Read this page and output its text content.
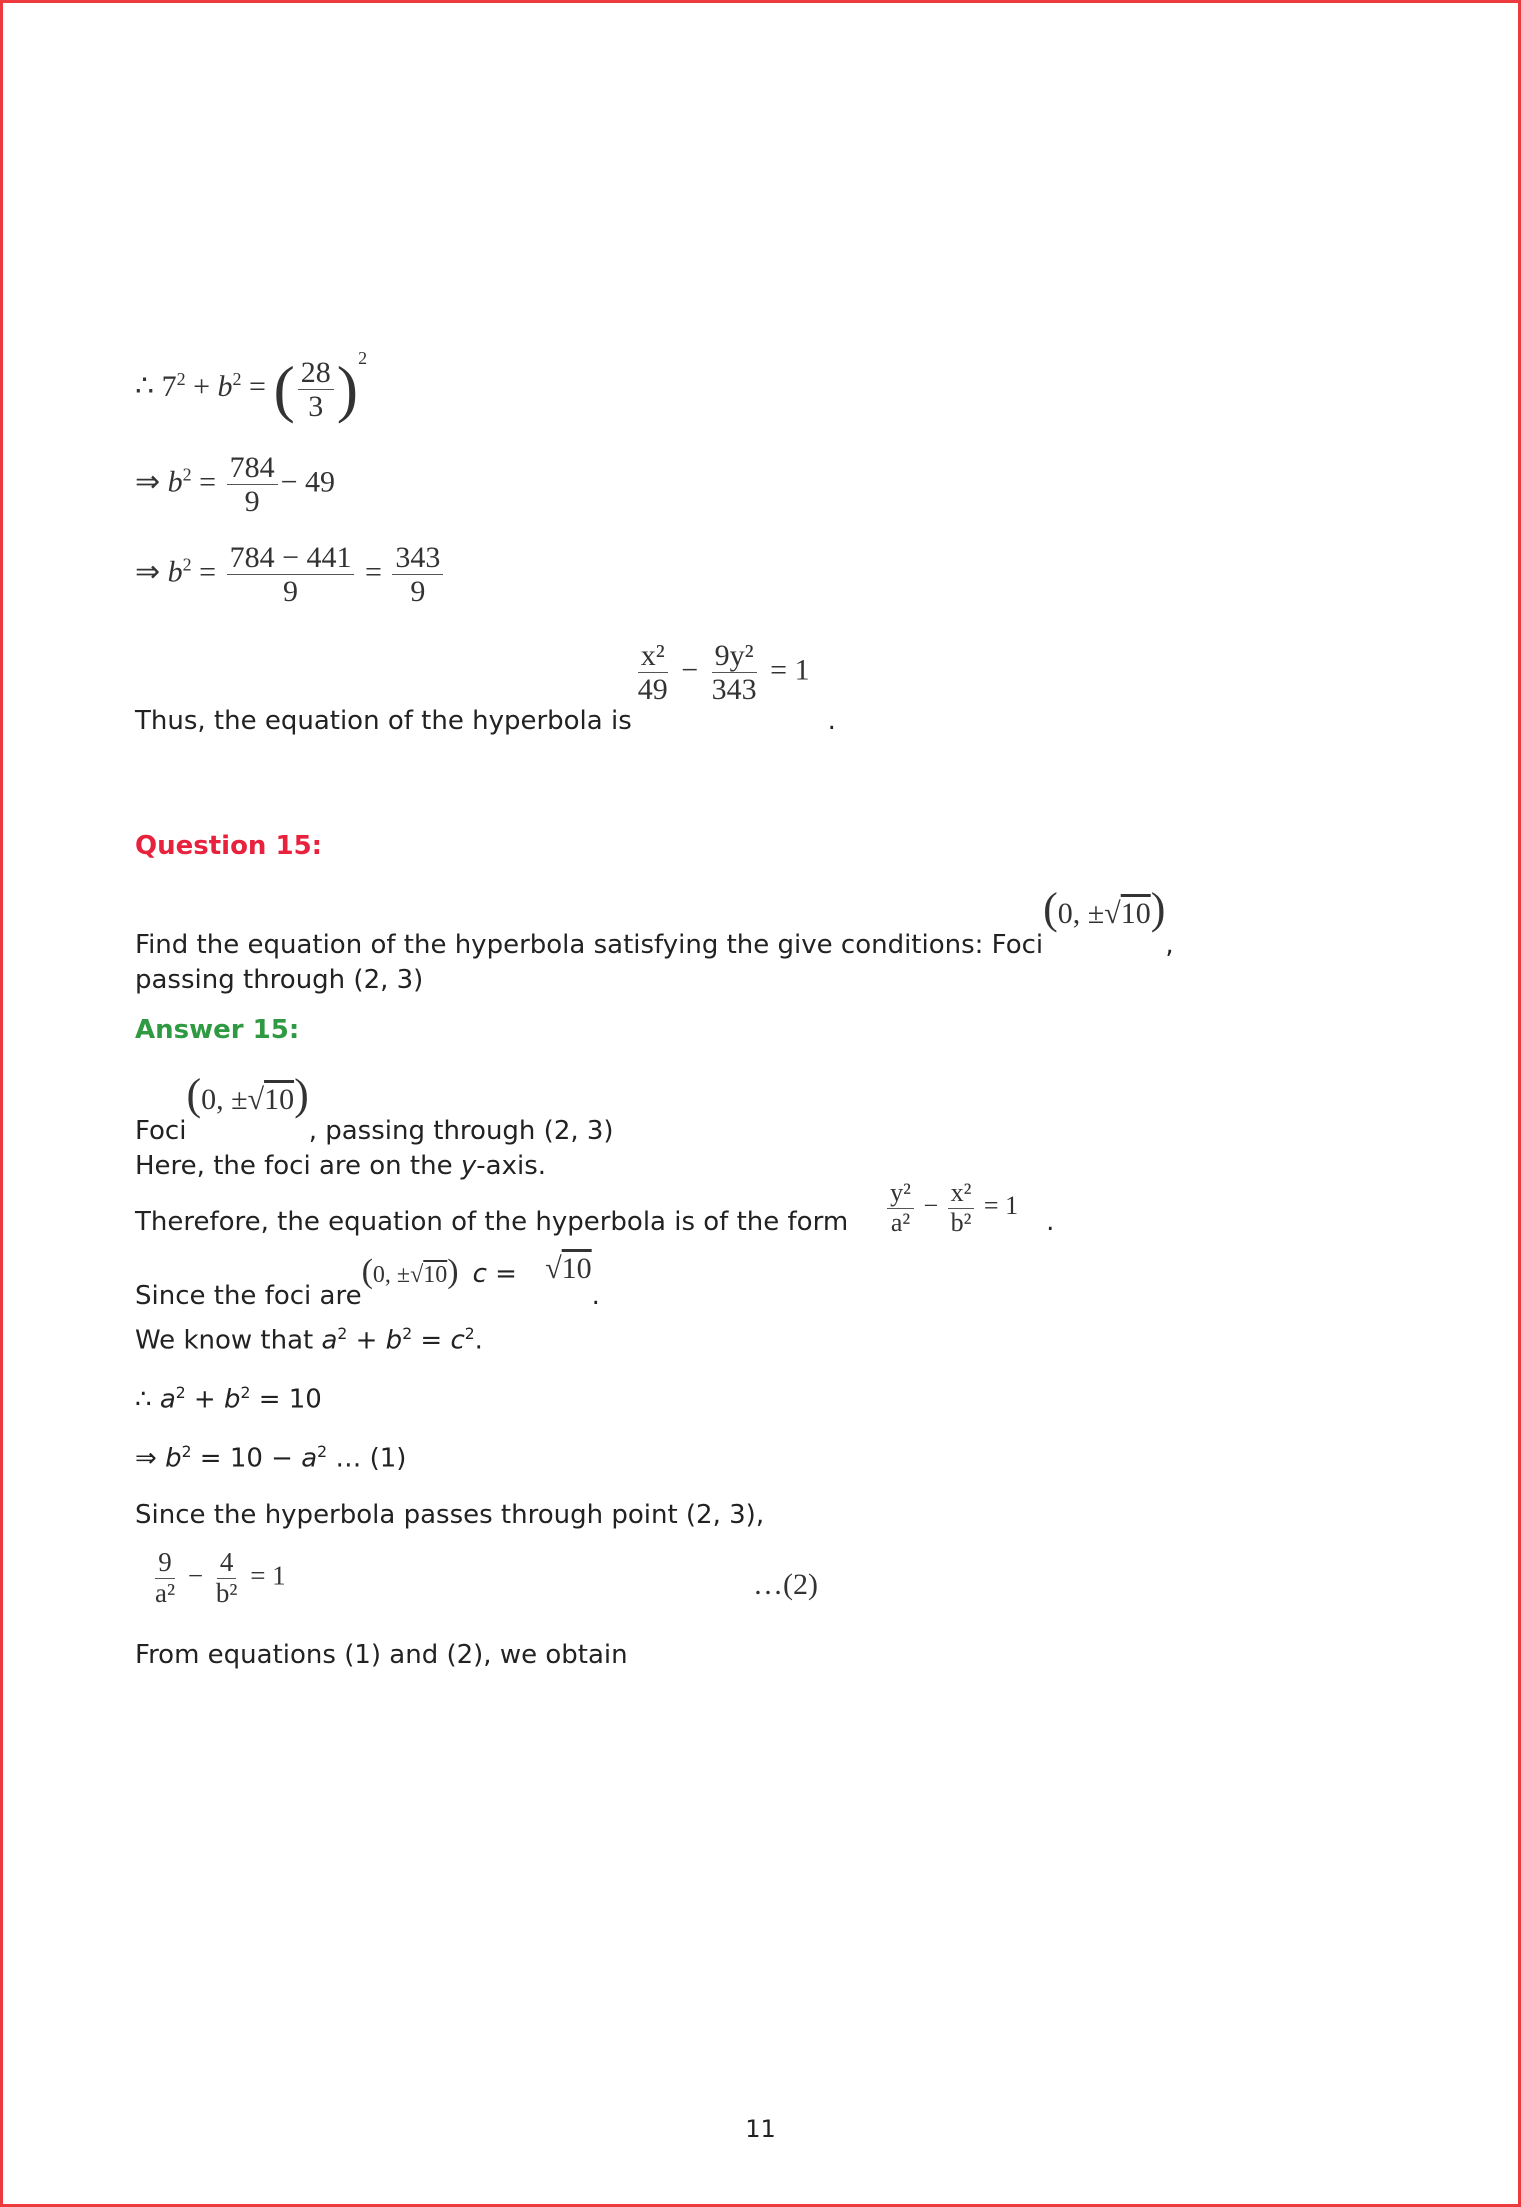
∴ $7^2 + b^2$ = ( $\frac{28}{3} )^2$
⇒ $b^2 = \frac{784}{9} - 49$
⇒ $b^2 = \frac{784 - 441}{9} = \frac{343}{9}$
Thus, the equation of the hyperbola is
$\frac{\text{x²}}{49} - \frac{\text{9y²}}{343} = 1$.
Question 15:
Find the equation of the hyperbola satisfying the give conditions: Foci(0, ±√10),
passing through (2, 3)
Answer 15:
Foci(0, ±√10), passing through (2, 3)
Here, the foci are on the y-axis.
Therefore, the equation of the hyperbola is of the form $\frac{\text{y²}}{\text{a²}} - \frac{\text{x²}}{\text{b²}} = 1$.
Since the foci are(0, ±√10) c = √10.
We know that $a^2 + b^2 = c^2$.
∴ $a^2 + b^2 = 10$
⇒ $b^2 = 10 - a^2$ … (1)
Since the hyperbola passes through point (2, 3),
$\frac{9}{\text{a²}} - \frac{4}{\text{b²}} = 1$	…(2)
From equations (1) and (2), we obtain
11
